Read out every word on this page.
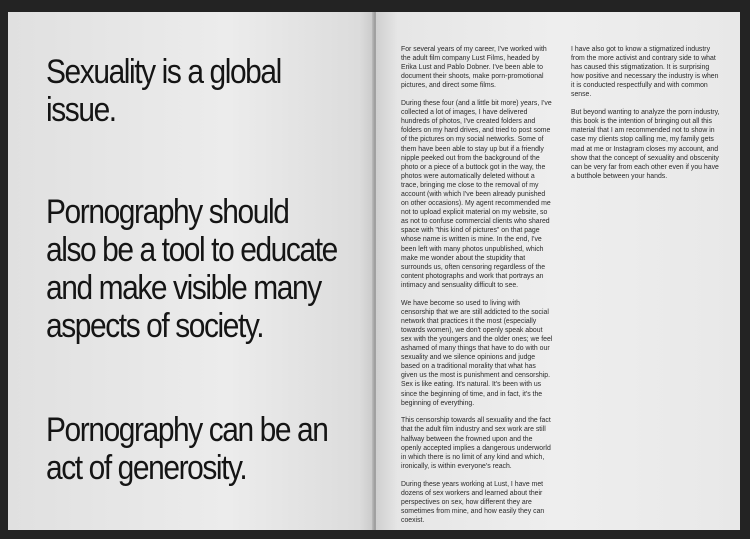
Sexuality is a global
issue.
Pornography should
also be a tool to educate
and make visible many
aspects of society.
Pornography can be an
act of generosity.

For several years of my career, I've worked with the adult film company Lust Films, headed by Erika Lust and Pablo Dobner. I've been able to document their shoots, make porn-promotional pictures, and direct some films.

During these four (and a little bit more) years, I've collected a lot of images, I have delivered hundreds of photos, I've created folders and folders on my hard drives, and tried to post some of the pictures on my social networks. Some of them have been able to stay up but if a friendly nipple peeked out from the background of the photo or a piece of a buttock got in the way, the photos were automatically deleted without a trace, bringing me close to the removal of my account (with which I've been already punished on other occasions). My agent recommended me not to upload explicit material on my website, so as not to confuse commercial clients who shared space with "this kind of pictures" on that page whose name is written is mine. In the end, I've been left with many photos unpublished, which make me wonder about the stupidity that surrounds us, often censoring regardless of the content photographs and work that portrays an intimacy and sensuality difficult to see.

We have become so used to living with censorship that we are still addicted to the social network that practices it the most (especially towards women), we don't openly speak about sex with the youngers and the older ones; we feel ashamed of many things that have to do with our sexuality and we silence opinions and judge based on a traditional morality that what has given us the most is punishment and censorship. Sex is like eating. It's natural. It's been with us since the beginning of time, and in fact, it's the beginning of everything.

This censorship towards all sexuality and the fact that the adult film industry and sex work are still halfway between the frowned upon and the openly accepted implies a dangerous underworld in which there is no limit of any kind and which, ironically, is within everyone's reach.

During these years working at Lust, I have met dozens of sex workers and learned about their perspectives on sex, how different they are sometimes from mine, and how easily they can coexist.

I have also got to know a stigmatized industry from the more activist and contrary side to what has caused this stigmatization. It is surprising how positive and necessary the industry is when it is conducted respectfully and with common sense.

But beyond wanting to analyze the porn industry, this book is the intention of bringing out all this material that I am recommended not to show in case my clients stop calling me, my family gets mad at me or Instagram closes my account, and show that the concept of sexuality and obscenity can be very far from each other even if you have a butthole between your hands.
